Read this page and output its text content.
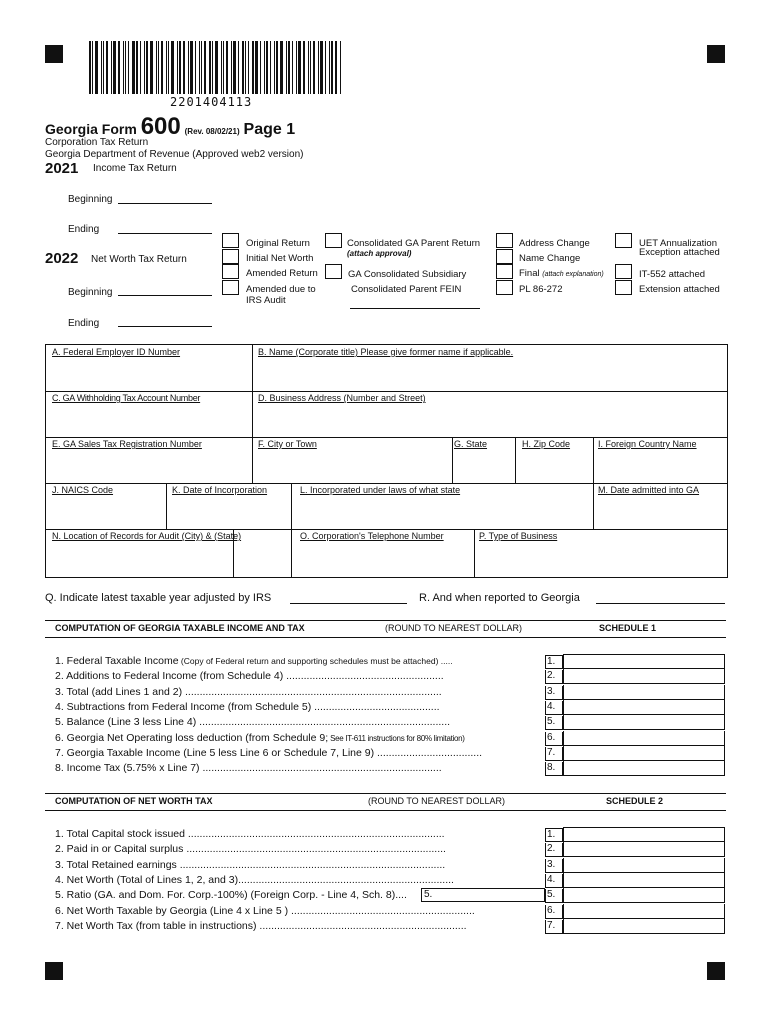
2201404113
Georgia Form 600 (Rev. 08/02/21) Page 1
Corporation Tax Return
Georgia Department of Revenue (Approved web2 version)
2021 Income Tax Return
Beginning
Ending
2022 Net Worth Tax Return
Beginning
Ending
Original Return
Initial Net Worth
Amended Return
Amended due to
IRS Audit
Consolidated GA Parent Return
(attach approval)
GA Consolidated Subsidiary
Consolidated Parent FEIN
Address Change
Name Change
Final (attach explanation)
PL 86-272
UET Annualization
Exception attached
IT-552 attached
Extension attached
A. Federal Employer ID Number	B. Name (Corporate title) Please give former name if applicable.
C. GA Withholding Tax Account Number	D. Business Address (Number and Street)
E. GA Sales Tax Registration Number	F. City or Town	G. State	H. Zip Code	I. Foreign Country Name
J. NAICS Code	K. Date of Incorporation	L. Incorporated under laws of what state	M. Date admitted into GA
N. Location of Records for Audit (City) & (State)	O. Corporation's Telephone Number	P. Type of Business
Q. Indicate latest taxable year adjusted by IRS	R. And when reported to Georgia
COMPUTATION OF GEORGIA TAXABLE INCOME AND TAX	(ROUND TO NEAREST DOLLAR)	SCHEDULE 1
1. Federal Taxable Income (Copy of Federal return and supporting schedules must be attached) .....	1.
2. Additions to Federal Income (from Schedule 4) ......................................................	2.
3. Total (add Lines 1 and 2) ........................................................................................	3.
4. Subtractions from Federal Income (from Schedule 5) ...........................................	4.
5. Balance (Line 3 less Line 4) ......................................................................................	5.
6. Georgia Net Operating loss deduction (from Schedule 9; See IT-611 instructions for 80% limitation)	6.
7. Georgia Taxable Income (Line 5 less Line 6 or Schedule 7, Line 9) ....................................	7.
8. Income Tax (5.75% x Line 7) ..................................................................................	8.
COMPUTATION OF NET WORTH TAX	(ROUND TO NEAREST DOLLAR)	SCHEDULE 2
1. Total Capital stock issued ........................................................................................	1.
2. Paid in or Capital surplus .........................................................................................	2.
3. Total Retained earnings ...........................................................................................	3.
4. Net Worth (Total of Lines 1, 2, and 3)..........................................................................	4.
5. Ratio (GA. and Dom. For. Corp.-100%) (Foreign Corp. - Line 4, Sch. 8)....	5.
6. Net Worth Taxable by Georgia (Line 4 x Line 5 ) ...............................................................	6.
7. Net Worth Tax (from table in instructions) .......................................................................	7.
5.
